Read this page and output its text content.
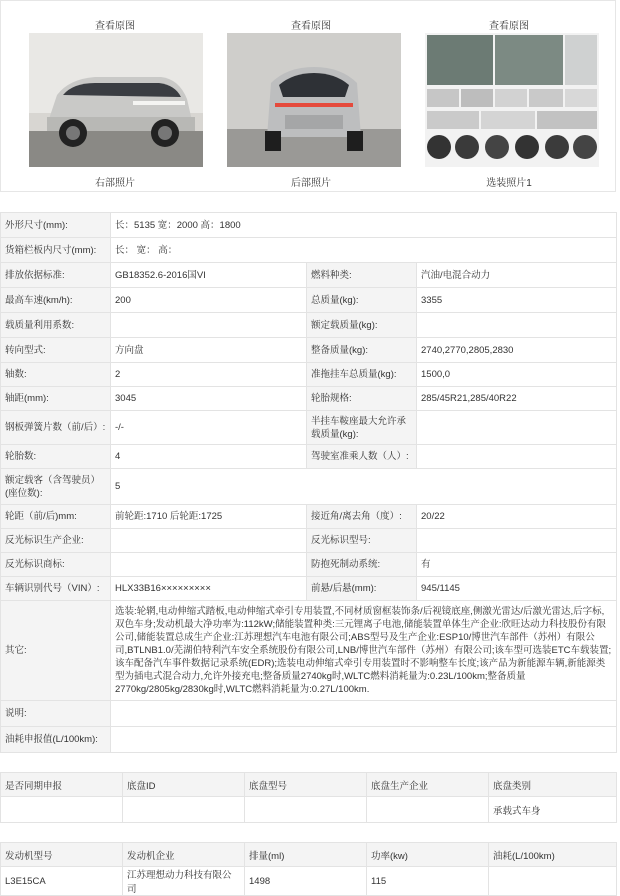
查看原图
右部照片
查看原图
后部照片
查看原图
选装照片1
外形尺寸(mm):	长：5135 宽：2000 高：1800		
货箱栏板内尺寸(mm):	长： 宽： 高：		
排放依据标准:	GB18352.6-2016国VI	燃料种类:	汽油/电混合动力
最高车速(km/h):	200	总质量(kg):	3355
载质量利用系数:		额定载质量(kg):	
转向型式:	方向盘	整备质量(kg):	2740,2770,2805,2830
轴数:	2	准拖挂车总质量(kg):	1500,0
轴距(mm):	3045	轮胎规格:	285/45R21,285/40R22
钢板弹簧片数（前/后）:	-/-	半挂车鞍座最大允许承载质量(kg):	
轮胎数:	4	驾驶室准乘人数（人）:	
额定载客（含驾驶员）(座位数):	5		
轮距（前/后)mm:	前轮距:1710 后轮距:1725	接近角/离去角（度）:	20/22
反光标识生产企业:		反光标识型号:	
反光标识商标:		防抱死制动系统:	有
车辆识别代号（VIN）:	HLX33B16×××××××××	前悬/后悬(mm):	945/1145
其它:	选装:轮辋,电动伸缩式踏板,电动伸缩式牵引专用装置,不同材质窗框装饰条/后视镜底座,侧激光雷达/后激光雷达,后字标,双色车身;发动机最大净功率为:112kW;储能装置种类:三元锂离子电池,储能装置单体生产企业:欣旺达动力科技股份有限公司,储能装置总成生产企业:江苏理想汽车电池有限公司;ABS型号及生产企业:ESP10/博世汽车部件（苏州）有限公司,BTLNB1.0/芜湖伯特利汽车安全系统股份有限公司,LNB/博世汽车部件（苏州）有限公司;该车型可选装ETC车载装置;该车配备汽车事件数据记录系统(EDR);选装电动伸缩式牵引专用装置时不影响整车长度;该产品为新能源车辆,新能源类型为插电式混合动力,允许外接充电;整备质量2740kg时,WLTC燃料消耗量为:0.23L/100km;整备质量2770kg/2805kg/2830kg时,WLTC燃料消耗量为:0.27L/100km.		
说明:			
油耗申报值(L/100km):			
是否同期申报	底盘ID	底盘型号	底盘生产企业	底盘类别
				承载式车身
发动机型号	发动机企业	排量(ml)	功率(kw)	油耗(L/100km)
L3E15CA	江苏理想动力科技有限公司	1498	115	
